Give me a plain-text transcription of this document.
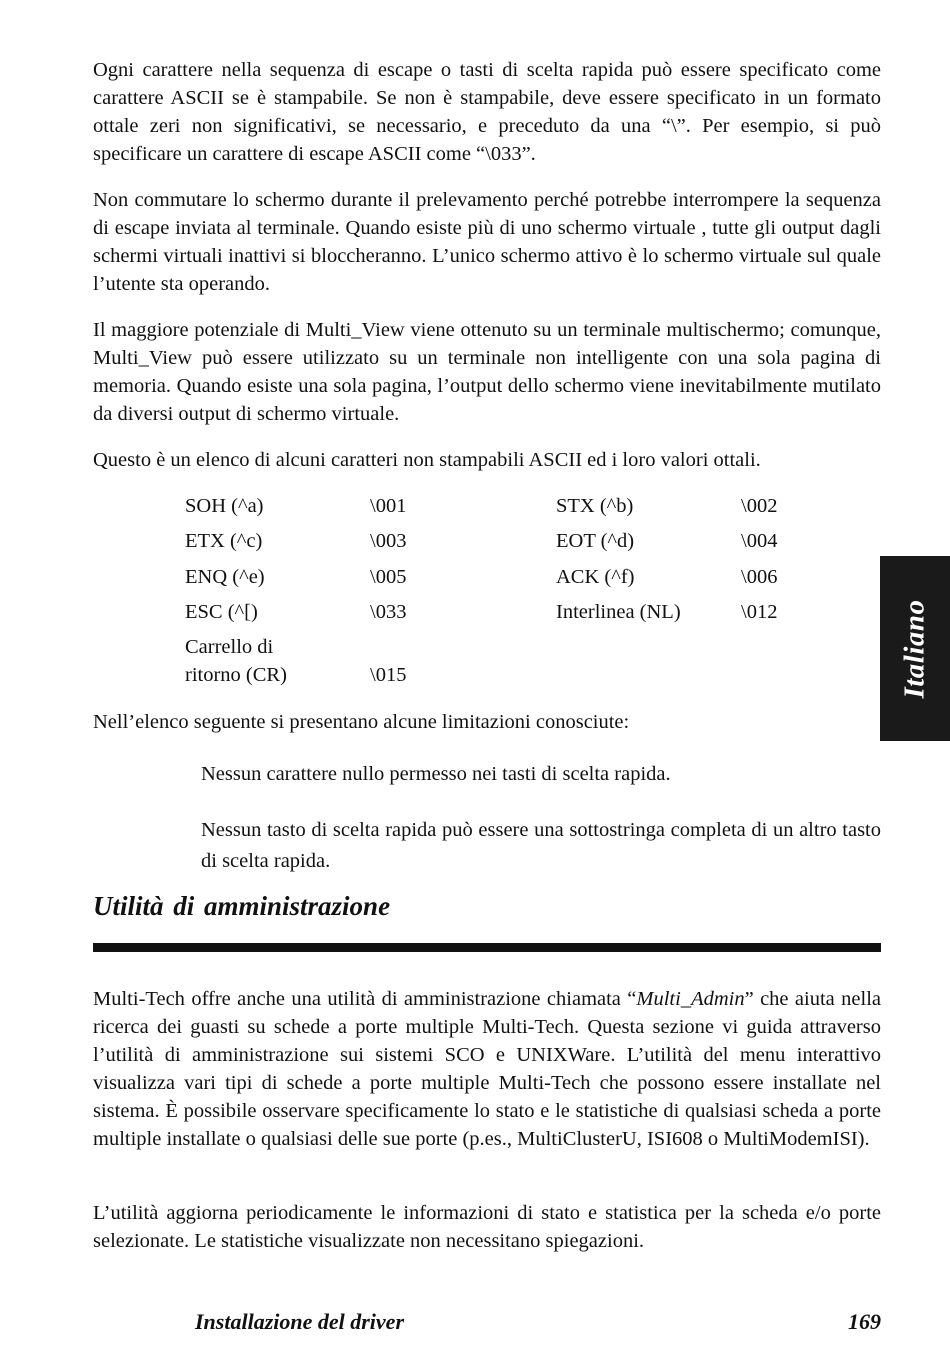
Ogni carattere nella sequenza di escape o tasti di scelta rapida può essere specificato come carattere ASCII se è stampabile. Se non è stampabile, deve essere specificato in un formato ottale zeri non significativi, se necessario, e preceduto da una “\”. Per esempio, si può specificare un carattere di escape ASCII come “\033”.

Non commutare lo schermo durante il prelevamento perché potrebbe interrompere la sequenza di escape inviata al terminale. Quando esiste più di uno schermo virtuale , tutte gli output dagli schermi virtuali inattivi si bloccheranno. L’unico schermo attivo è lo schermo virtuale sul quale l’utente sta operando.

Il maggiore potenziale di Multi_View viene ottenuto su un terminale multischermo; comunque, Multi_View può essere utilizzato su un terminale non intelligente con una sola pagina di memoria. Quando esiste una sola pagina, l’output dello schermo viene inevitabilmente mutilato da diversi output di schermo virtuale.

Questo è un elenco di alcuni caratteri non stampabili ASCII ed i loro valori ottali.

SOH (^a)	\001	STX (^b)	\002
ETX (^c)	\003	EOT (^d)	\004
ENQ (^e)	\005	ACK (^f)	\006
ESC (^[)	\033	Interlinea (NL)	\012
Carrello di
ritorno (CR)	\015

Nell’elenco seguente si presentano alcune limitazioni conosciute:

Nessun carattere nullo permesso nei tasti di scelta rapida.

Nessun tasto di scelta rapida può essere una sottostringa completa di un altro tasto di scelta rapida.

Utilità di amministrazione

Multi-Tech offre anche una utilità di amministrazione chiamata “Multi_Admin” che aiuta nella ricerca dei guasti su schede a porte multiple Multi-Tech. Questa sezione vi guida attraverso l’utilità di amministrazione sui sistemi SCO e UNIXWare. L’utilità del menu interattivo visualizza vari tipi di schede a porte multiple Multi-Tech che possono essere installate nel sistema. È possibile osservare specificamente lo stato e le statistiche di qualsiasi scheda a porte multiple installate o qualsiasi delle sue porte (p.es., MultiClusterU, ISI608 o MultiModemISI).

L’utilità aggiorna periodicamente le informazioni di stato e statistica per la scheda e/o porte selezionate. Le statistiche visualizzate non necessitano spiegazioni.

Italiano
Installazione del driver	169
